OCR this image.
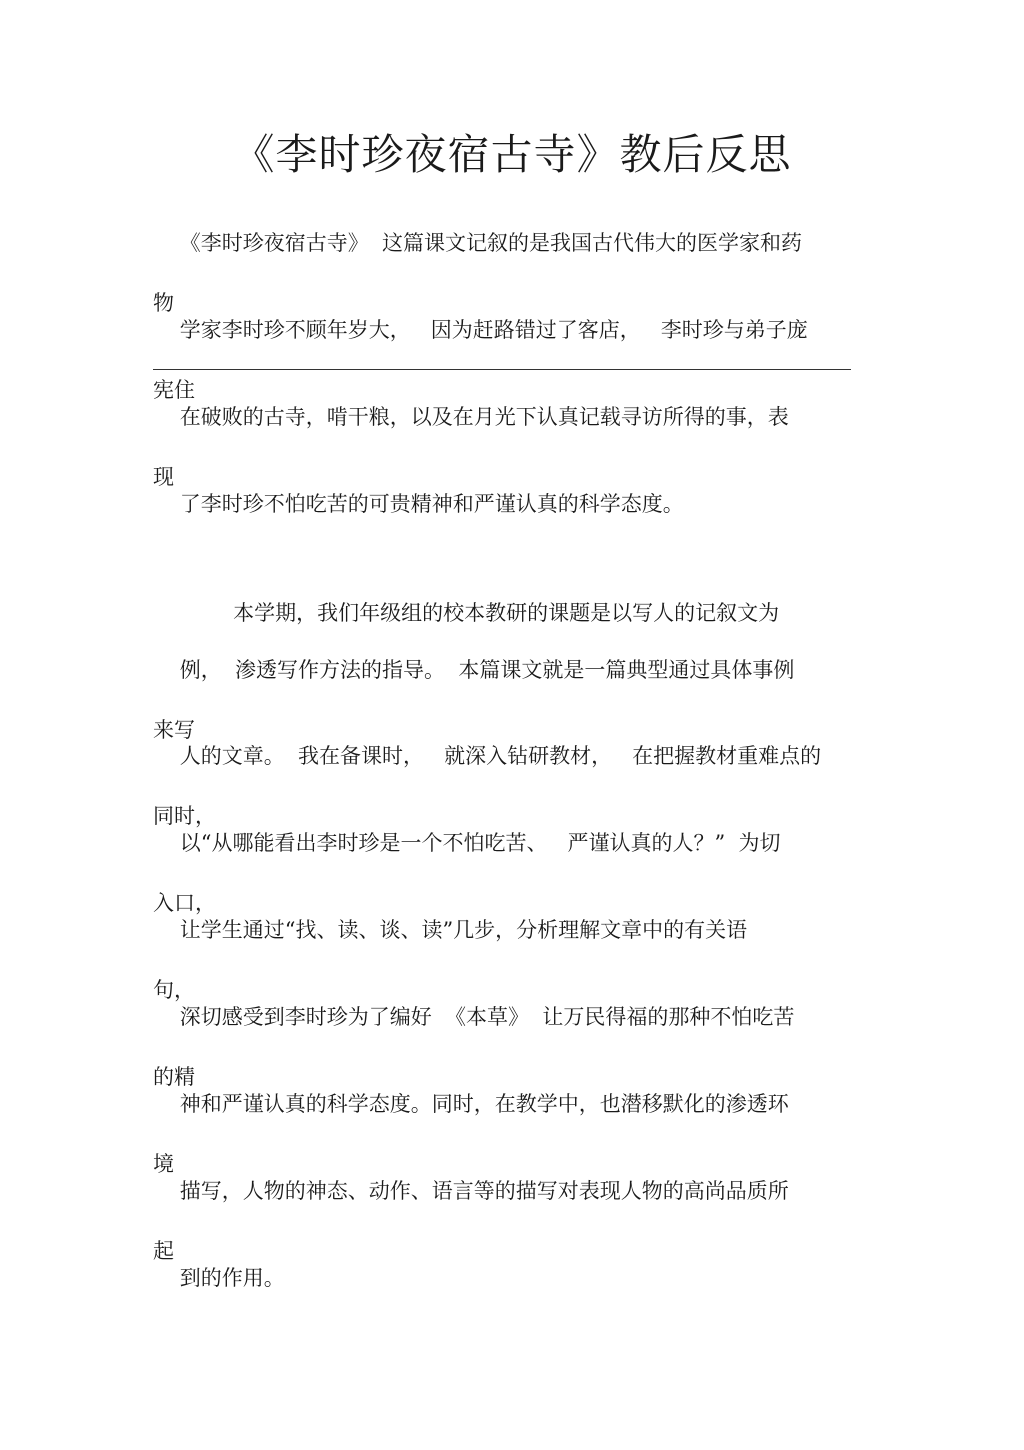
《李时珍夜宿古寺》教后反思

《李时珍夜宿古寺》  这篇课文记叙的是我国古代伟大的医学家和药

物

学家李时珍不顾年岁大，   因为赶路错过了客店，   李时珍与弟子庞

宪住

在破败的古寺，啃干粮，以及在月光下认真记载寻访所得的事，表

现

了李时珍不怕吃苦的可贵精神和严谨认真的科学态度。

本学期，我们年级组的校本教研的课题是以写人的记叙文为

例，  渗透写作方法的指导。  本篇课文就是一篇典型通过具体事例

来写

人的文章。  我在备课时，   就深入钻研教材，   在把握教材重难点的

同时，

以“从哪能看出李时珍是一个不怕吃苦、   严谨认真的人？”  为切

入口，

让学生通过“找、读、谈、读”几步，分析理解文章中的有关语

句，

深切感受到李时珍为了编好  《本草》  让万民得福的那种不怕吃苦

的精

神和严谨认真的科学态度。同时，在教学中，也潜移默化的渗透环

境

描写，人物的神态、动作、语言等的描写对表现人物的高尚品质所

起

到的作用。
